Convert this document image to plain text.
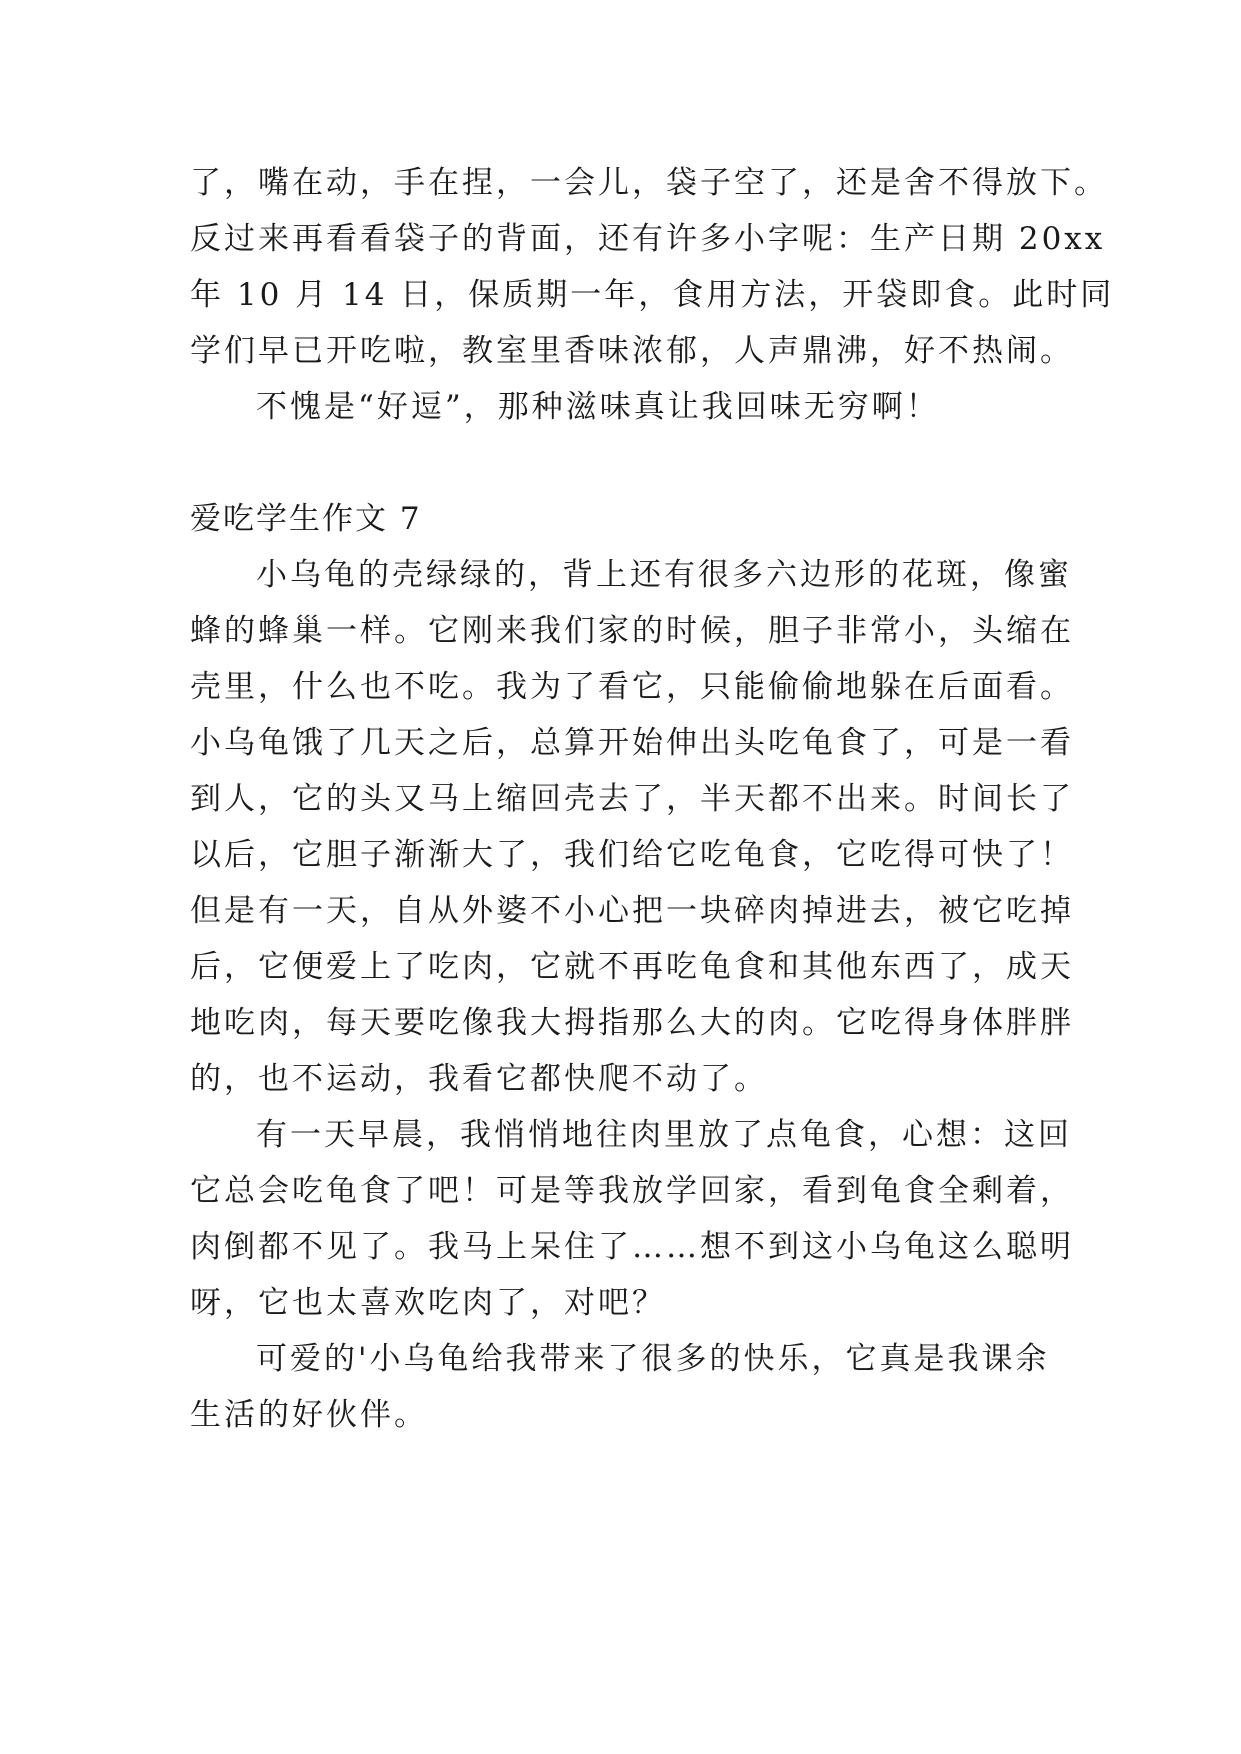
了，嘴在动，手在捏，一会儿，袋子空了，还是舍不得放下。
反过来再看看袋子的背面，还有许多小字呢：生产日期 20xx
年 10 月 14 日，保质期一年，食用方法，开袋即食。此时同
学们早已开吃啦，教室里香味浓郁，人声鼎沸，好不热闹。
不愧是“好逗”，那种滋味真让我回味无穷啊！
爱吃学生作文 7
小乌龟的壳绿绿的，背上还有很多六边形的花斑，像蜜
蜂的蜂巢一样。它刚来我们家的时候，胆子非常小，头缩在
壳里，什么也不吃。我为了看它，只能偷偷地躲在后面看。
小乌龟饿了几天之后，总算开始伸出头吃龟食了，可是一看
到人，它的头又马上缩回壳去了，半天都不出来。时间长了
以后，它胆子渐渐大了，我们给它吃龟食，它吃得可快了！
但是有一天，自从外婆不小心把一块碎肉掉进去，被它吃掉
后，它便爱上了吃肉，它就不再吃龟食和其他东西了，成天
地吃肉，每天要吃像我大拇指那么大的肉。它吃得身体胖胖
的，也不运动，我看它都快爬不动了。
有一天早晨，我悄悄地往肉里放了点龟食，心想：这回
它总会吃龟食了吧！可是等我放学回家，看到龟食全剩着，
肉倒都不见了。我马上呆住了……想不到这小乌龟这么聪明
呀，它也太喜欢吃肉了，对吧？
可爱的'小乌龟给我带来了很多的快乐，它真是我课余
生活的好伙伴。
